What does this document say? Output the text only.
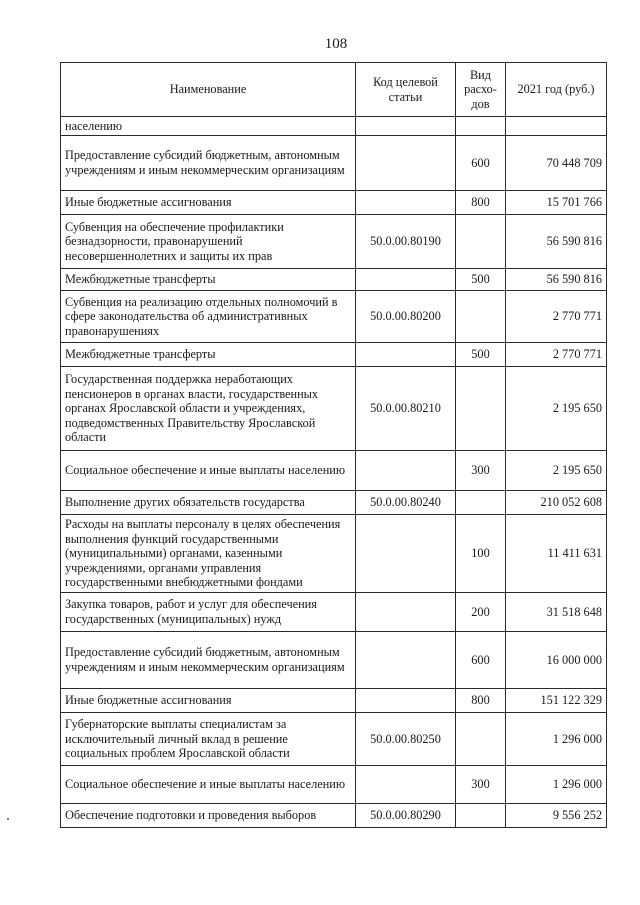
108
Наименование	Код целевой статьи	Вид расхо-дов	2021 год (руб.)
населению			
Предоставление субсидий бюджетным, автономным учреждениям и иным некоммерческим организациям		600	70 448 709
Иные бюджетные ассигнования		800	15 701 766
Субвенция на обеспечение профилактики безнадзорности, правонарушений несовершеннолетних и защиты их прав	50.0.00.80190		56 590 816
Межбюджетные трансферты		500	56 590 816
Субвенция на реализацию отдельных полномочий в сфере законодательства об административных правонарушениях	50.0.00.80200		2 770 771
Межбюджетные трансферты		500	2 770 771
Государственная поддержка неработающих пенсионеров в органах власти, государственных органах Ярославской области и учреждениях, подведомственных Правительству Ярославской области	50.0.00.80210		2 195 650
Социальное обеспечение и иные выплаты населению		300	2 195 650
Выполнение других обязательств государства	50.0.00.80240		210 052 608
Расходы на выплаты персоналу в целях обеспечения выполнения функций государственными (муниципальными) органами, казенными учреждениями, органами управления государственными внебюджетными фондами		100	11 411 631
Закупка товаров, работ и услуг для обеспечения государственных (муниципальных) нужд		200	31 518 648
Предоставление субсидий бюджетным, автономным учреждениям и иным некоммерческим организациям		600	16 000 000
Иные бюджетные ассигнования		800	151 122 329
Губернаторские выплаты специалистам за исключительный личный вклад в решение социальных проблем Ярославской области	50.0.00.80250		1 296 000
Социальное обеспечение и иные выплаты населению		300	1 296 000
Обеспечение подготовки и проведения выборов	50.0.00.80290		9 556 252
